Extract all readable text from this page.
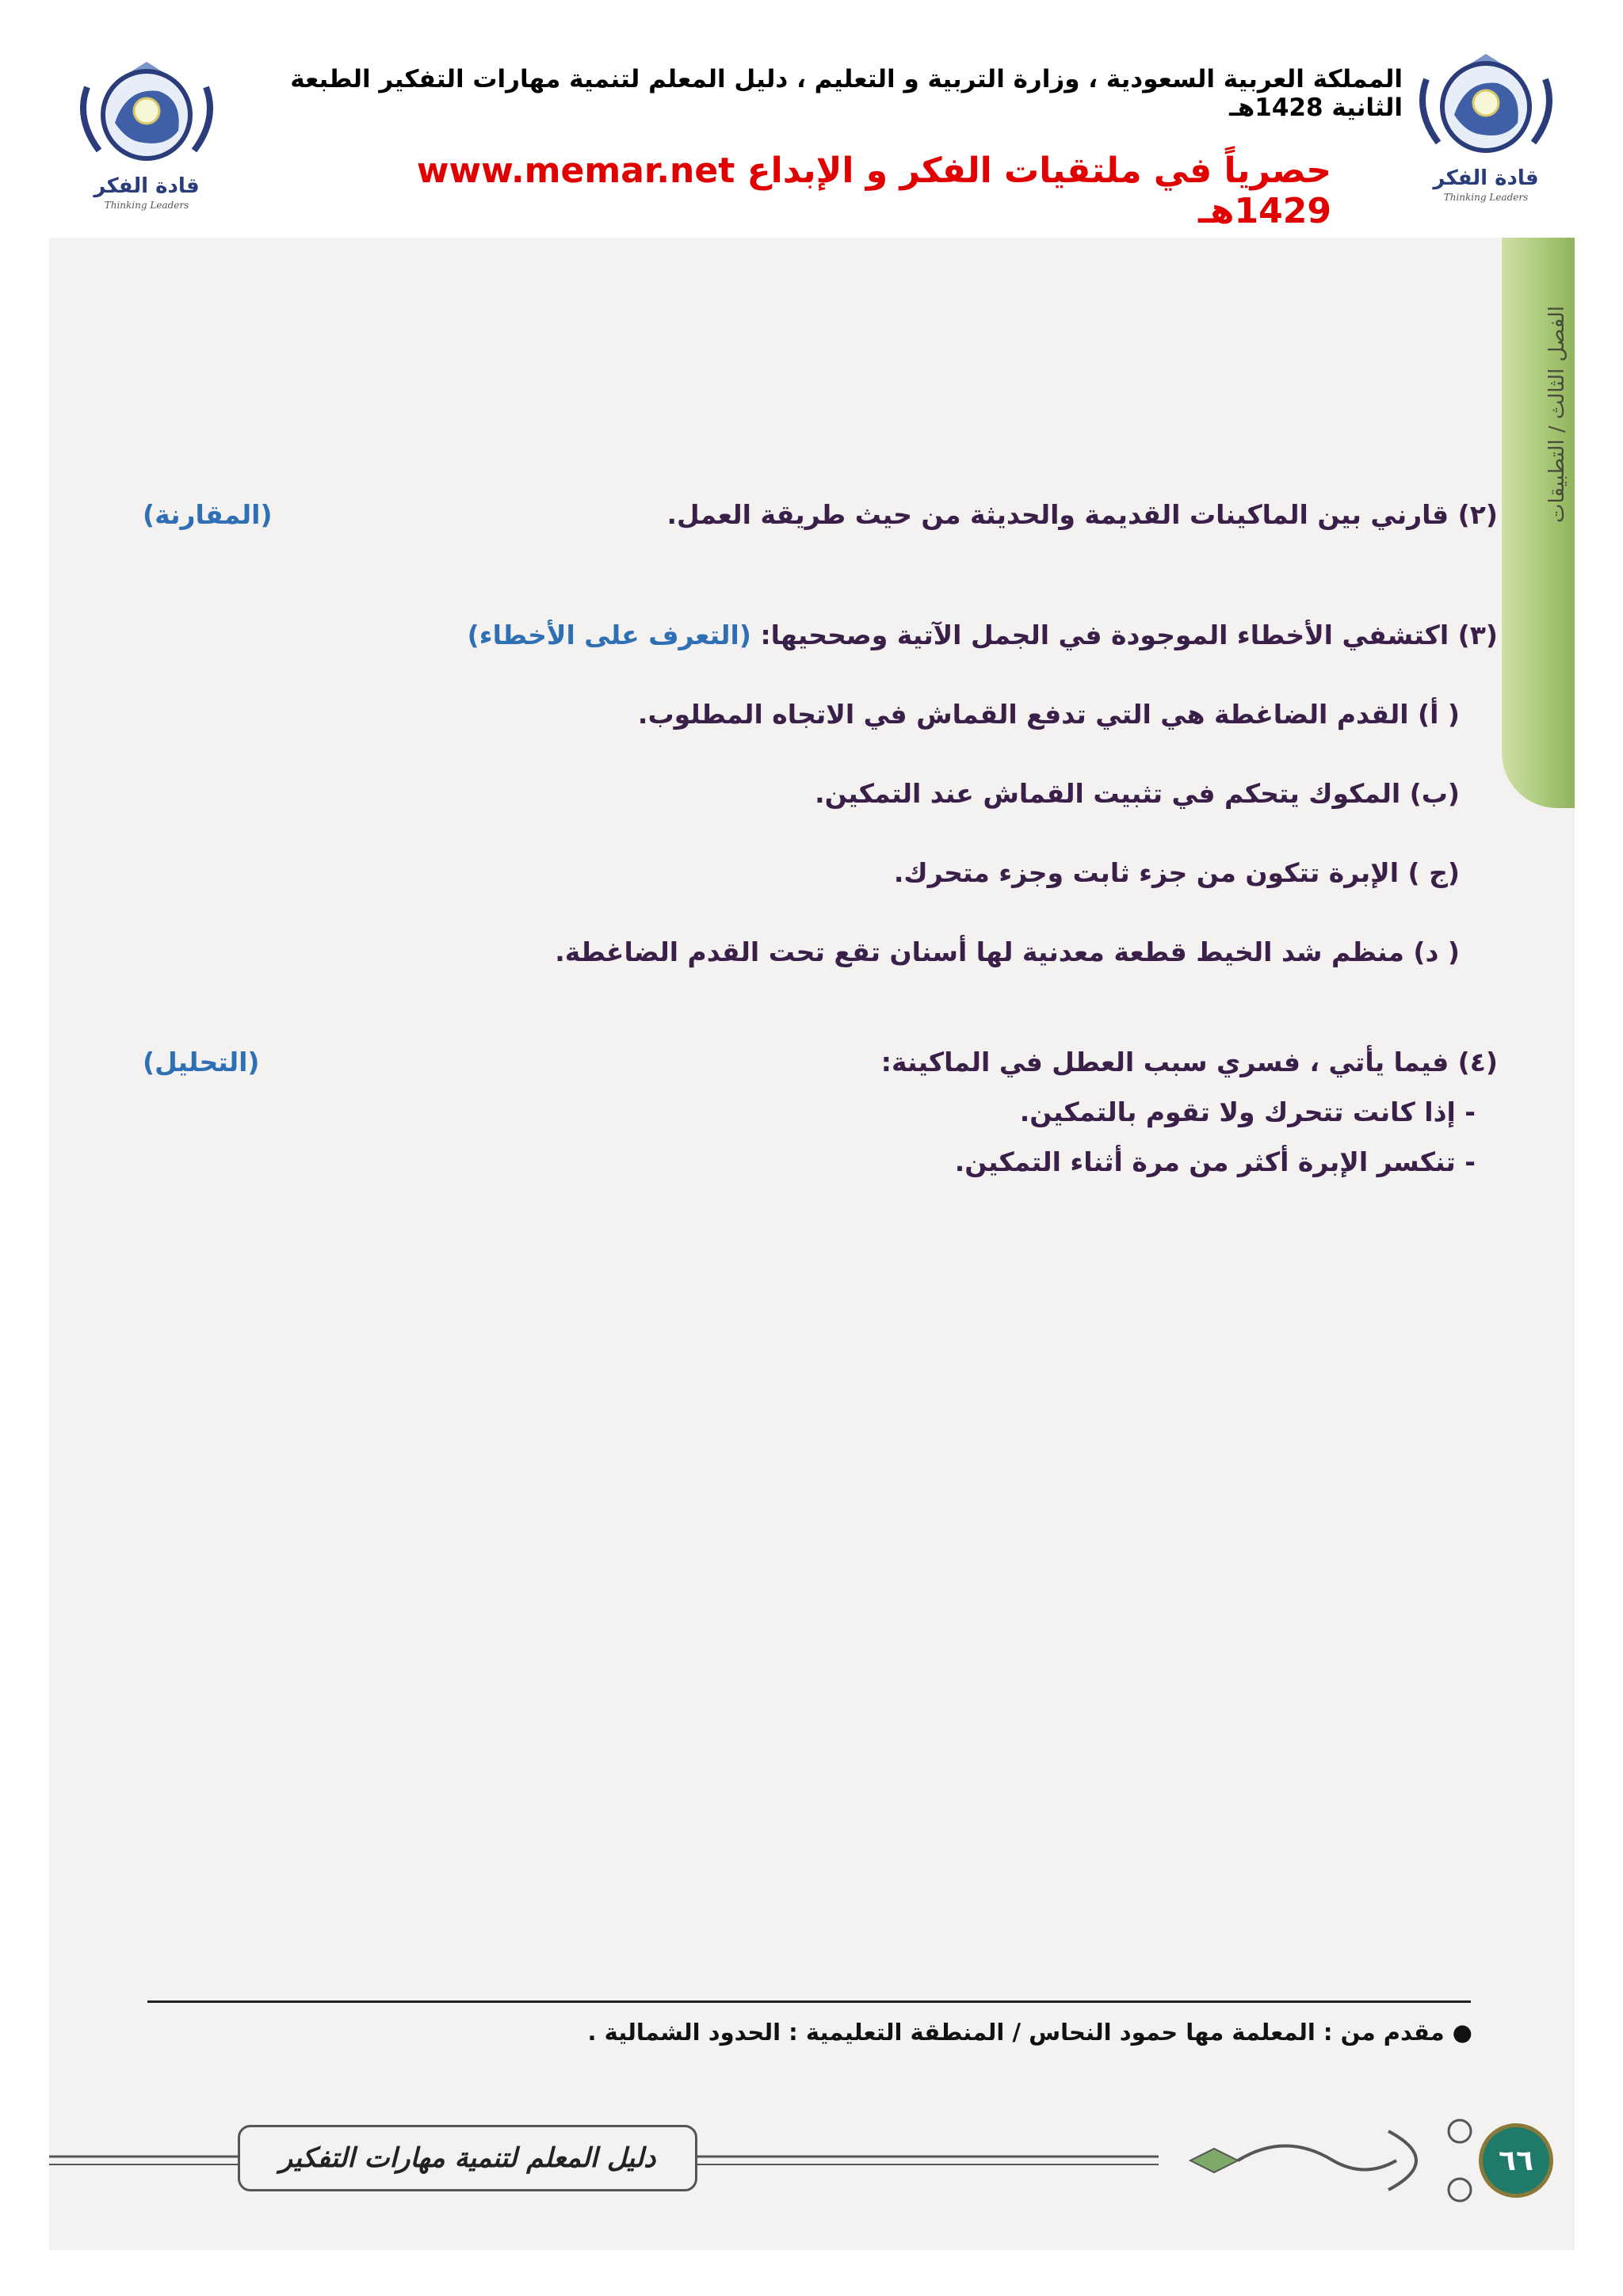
قادة الفكر
Thinking Leaders
قادة الفكر
Thinking Leaders
المملكة العربية السعودية ، وزارة التربية و التعليم ، دليل المعلم لتنمية مهارات التفكير الطبعة الثانية 1428هـ
حصرياً في ملتقيات الفكر و الإبداع www.memar.net 1429هـ
الفصل الثالث / التطبيقات
(٢) قارني بين الماكينات القديمة والحديثة من حيث طريقة العمل.
(المقارنة)
(٣) اكتشفي الأخطاء الموجودة في الجمل الآتية وصححيها: (التعرف على الأخطاء)
( أ) القدم الضاغطة هي التي تدفع القماش في الاتجاه المطلوب.
(ب) المكوك يتحكم في تثبيت القماش عند التمكين.
(ج ) الإبرة تتكون من جزء ثابت وجزء متحرك.
( د) منظم شد الخيط قطعة معدنية لها أسنان تقع تحت القدم الضاغطة.
(٤) فيما يأتي ، فسري سبب العطل في الماكينة:
(التحليل)
- إذا كانت تتحرك ولا تقوم بالتمكين.
- تنكسر الإبرة أكثر من مرة أثناء التمكين.
● مقدم من : المعلمة مها حمود النحاس / المنطقة التعليمية : الحدود الشمالية .
دليل المعلم لتنمية مهارات التفكير	٦٦
